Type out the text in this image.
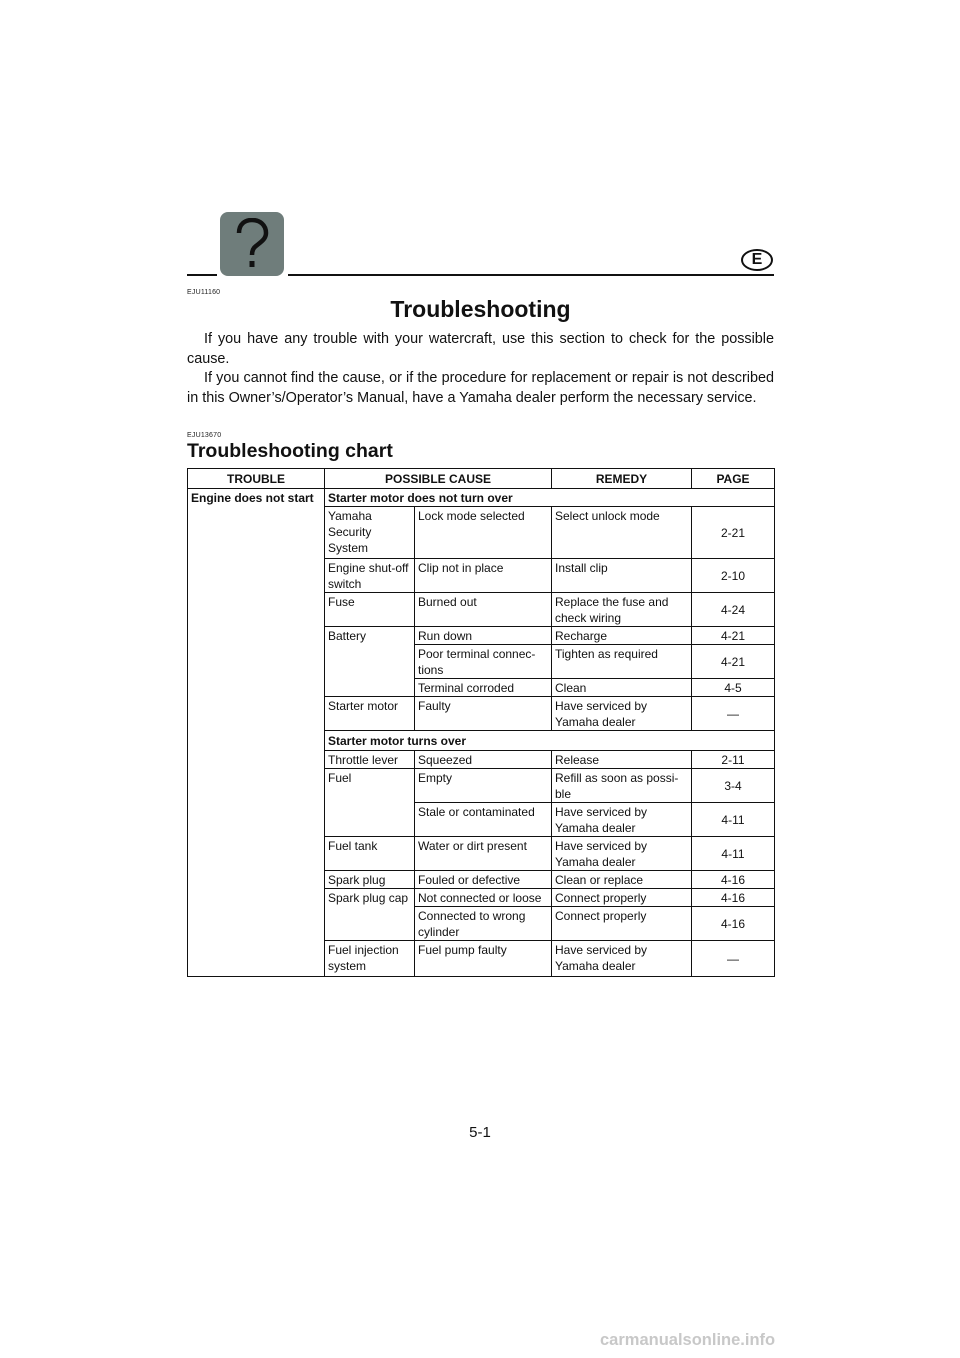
E
EJU11160
Troubleshooting

If you have any trouble with your watercraft, use this section to check for the possible cause.

If you cannot find the cause, or if the procedure for replacement or repair is not described in this Owner’s/Operator’s Manual, have a Yamaha dealer perform the necessary service.

EJU13670
Troubleshooting chart
TROUBLE	POSSIBLE CAUSE		REMEDY	PAGE
Engine does not start	Starter motor does not turn over			
	Yamaha Security System	Lock mode selected	Select unlock mode	2-21
	Engine shut-off switch	Clip not in place	Install clip	2-10
	Fuse	Burned out	Replace the fuse and check wiring	4-24
	Battery	Run down	Recharge	4-21
		Poor terminal connec-tions	Tighten as required	4-21
		Terminal corroded	Clean	4-5
	Starter motor	Faulty	Have serviced by Yamaha dealer	—
	Starter motor turns over			
	Throttle lever	Squeezed	Release	2-11
	Fuel	Empty	Refill as soon as possi-ble	3-4
		Stale or contaminated	Have serviced by Yamaha dealer	4-11
	Fuel tank	Water or dirt present	Have serviced by Yamaha dealer	4-11
	Spark plug	Fouled or defective	Clean or replace	4-16
	Spark plug cap	Not connected or loose	Connect properly	4-16
		Connected to wrong cylinder	Connect properly	4-16
	Fuel injection system	Fuel pump faulty	Have serviced by Yamaha dealer	—
5-1
carmanualsonline.info
